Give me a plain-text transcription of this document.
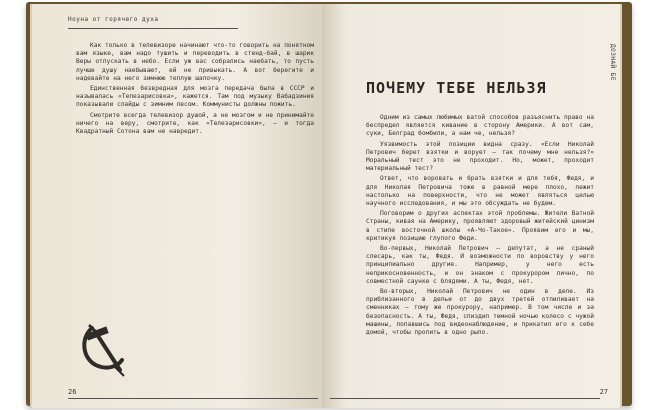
Ноуна от горячего духа

Как только в телевизоре начинают что-то говорить на понятном вам языке, вам надо тушить и переводить в стенд-бай, в шарик Веры отпускать в небо. Если уж вас собрались наебать, то пусть лучше душу наебывают, ей не привыкать. А вот берегите и надевайте на него зимнюю теплую шапочку.

Единственная безвредная для мозга передача была в СССР и называлась «Телезарисовка», кажется. Там под музыку Вабадзиния показывали слайды с зимним лесом. Коммунисты должны пожить.

Смотрите всегда телевизор душой, а не мозгом и не принимайте ничего на веру, смотрите, как «Телезарисовки», – и тогда Квадратный Сотона вам не навредит.

26
ДОЗНАЙ БЕ
ПОЧЕМУ ТЕБЕ НЕЛЬЗЯ

Одним из самых любимых ватой способов разъяснить право на беспредел является кивание в сторону Америки. А вот сам, суки, Белград бомбили, а нам че, нельзя?

Уязвимость этой позиции видна сразу. «Если Николай Петрович берет взятки и ворует – так почему мне нельзя?» Моральный тест это не проходит. Но, может, проходит материальный тест?

Ответ, что воровать и брать взятки и для тебя, Федя, и для Николая Петровича тоже в равной мере плохо, лежит настолько на поверхности, что не может являться целью научного исследования, и мы это обсуждать не будем.

Поговорим о других аспектах этой проблемы. Жители Ватной Страны, кивая на Америку, проявляют здоровый житейский цинизм в стиле восточной школы «А-Чо-Такое». Проявим его и мы, критикуя позицию глупого Феди.

Во-первых, Николай Петрович – депутат, а не сраный слесарь, как ты, Федя. И возможности по воровству у него принципиально другие. Например, у него есть неприкосновенность, и он знаком с прокурором лично, по совместной саунке с блядями. А ты, Федя, нет.

Во-вторых, Николай Петрович не один в деле. Из приблизанного в дельи от до двух третей отпиливает на сменниках – тому же прокурору, например. В том числе и за безопасность. А ты, Федя, спиздил темной ночью колесо с чужой машины, попавшись под видеонаблюдение, и прикатил его к себе домой, чтобы пропить в одно рыло.

27
